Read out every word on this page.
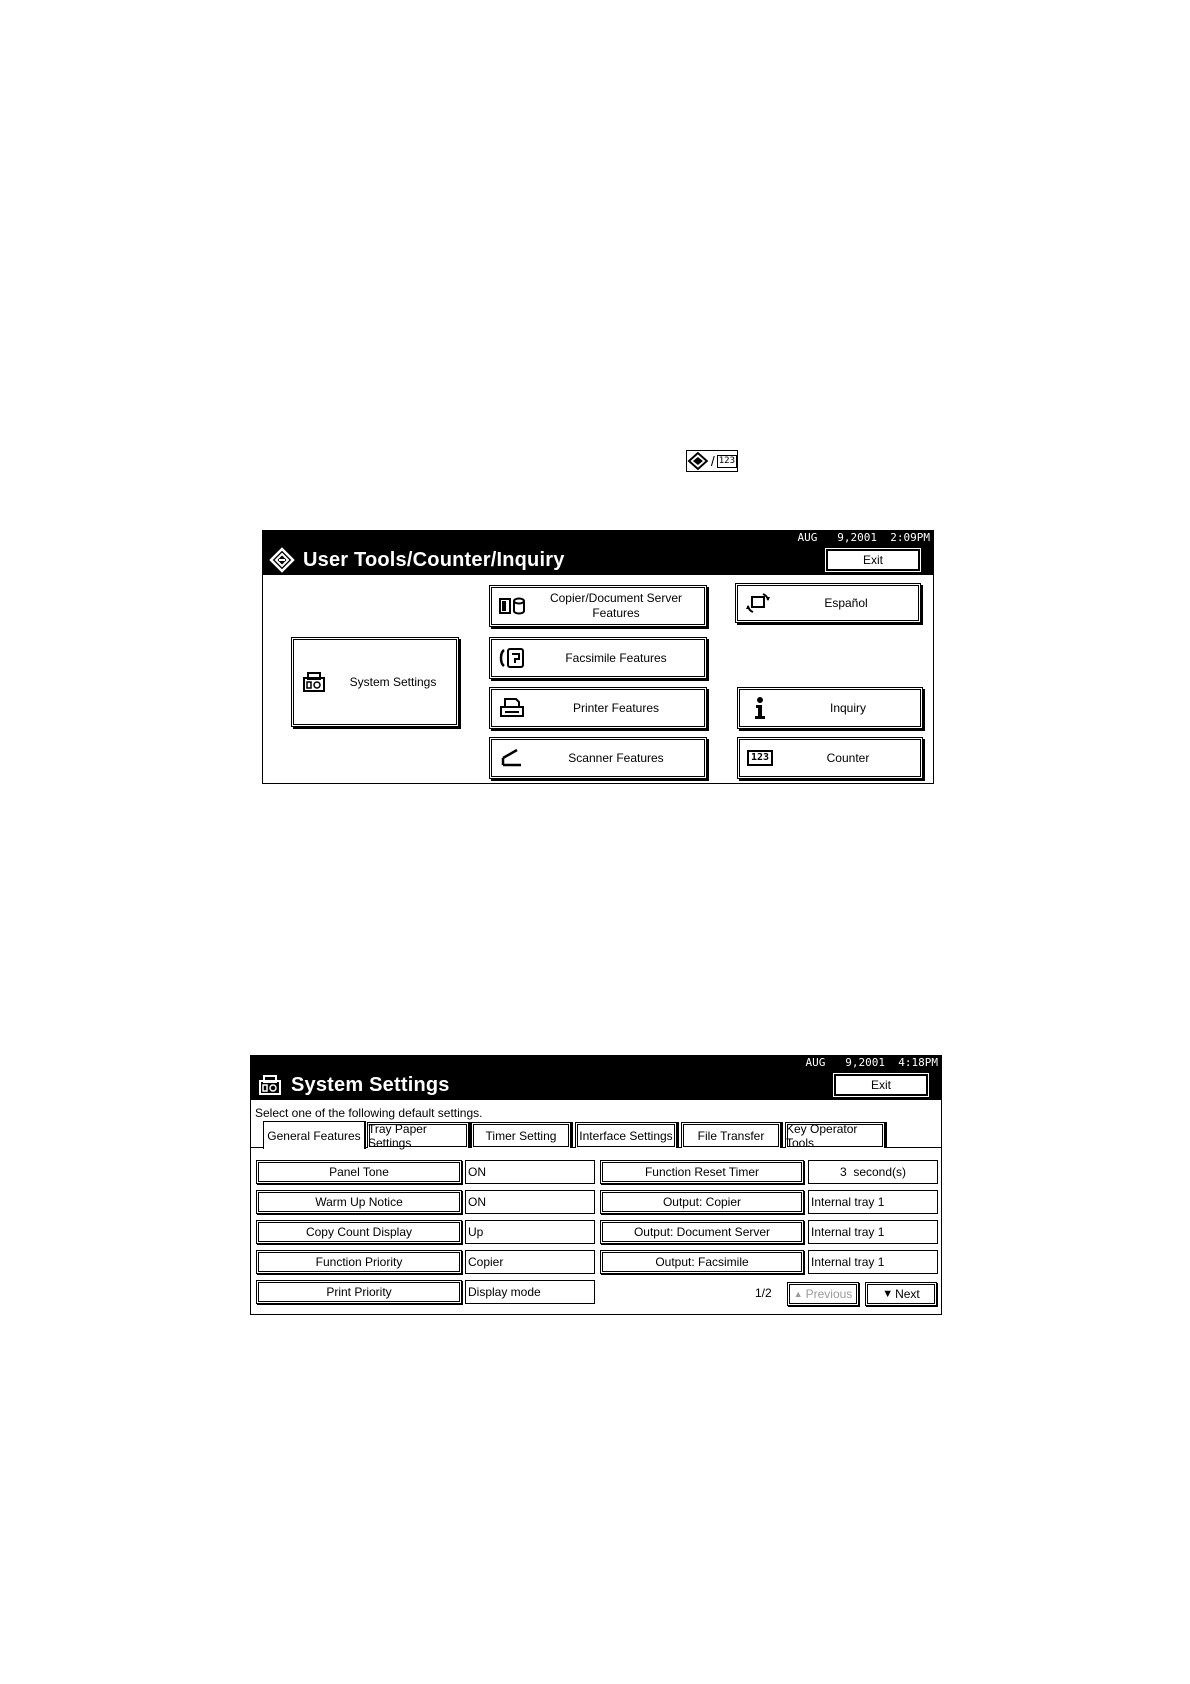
/ 123
AUG   9,2001  2:09PM
User Tools/Counter/Inquiry	Exit
System Settings
Copier/Document Server
Features
Facsimile Features
Printer Features
Scanner Features
Español
Inquiry
123	Counter
AUG   9,2001  4:18PM
System Settings	Exit
Select one of the following default settings.
General Features Tray Paper Settings	Timer Setting	Interface Settings	File Transfer	Key Operator Tools
Panel Tone	ON
Warm Up Notice	ON
Copy Count Display	Up
Function Priority	Copier
Print Priority	Display mode
Function Reset Timer	3  second(s)
Output: Copier	Internal tray 1
Output: Document Server	Internal tray 1
Output: Facsimile	Internal tray 1
1/2 ▲ Previous	▼ Next
